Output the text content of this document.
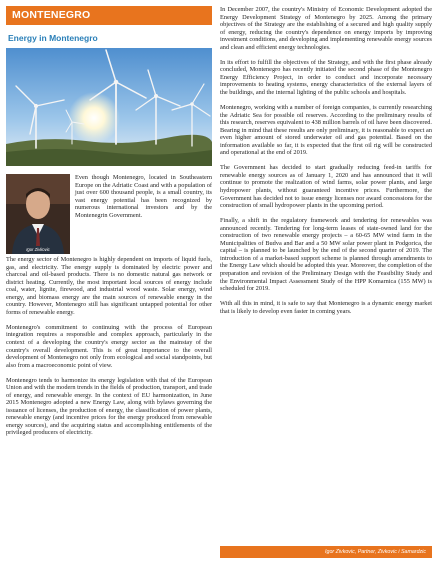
MONTENEGRO
Energy in Montenegro
Igor Zivkovic

Even though Montenegro, located in Southeastern Europe on the Adriatic Coast and with a population of just over 600 thousand people, is a small country, its vast energy potential has been recognized by numerous international investors and by the Montenegrin Government.

The energy sector of Montenegro is highly dependent on imports of liquid fuels, gas, and electricity. The energy supply is dominated by electric power and charcoal and oil-based products. There is no domestic natural gas network or district heating. Currently, the most important local sources of energy include coal, water, lignite, firewood, and industrial wood waste. Solar energy, wind energy, and biomass energy are the main sources of renewable energy in the country. However, Montenegro still has significant untapped potential for other forms of renewable energy.

Montenegro's commitment to continuing with the process of European integration requires a responsible and complex approach, particularly in the context of a developing the country's energy sector as the mainstay of the country's overall development. This is of great importance to the overall development of Montenegro not only from ecological and social standpoints, but also from a macroeconomic point of view.

Montenegro tends to harmonize its energy legislation with that of the European Union and with the modern trends in the fields of production, transport, and trade of energy, and renewable energy. In the context of EU harmonization, in June 2015 Montenegro adopted a new Energy Law, along with bylaws governing the issuance of licenses, the production of energy, the classification of power plants, renewable energy (and incentive prices for the energy produced from renewable energy sources), and the acquiring status and accomplishing entitlements of the privileged producers of electricity.

In December 2007, the country's Ministry of Economic Development adopted the Energy Development Strategy of Montenegro by 2025. Among the primary objectives of the Strategy are the establishing of a secured and high quality supply of energy, reducing the country's dependence on energy imports by improving investment conditions, and developing and implementing renewable energy sources and clean and efficient energy technologies.

In its effort to fulfill the objectives of the Strategy, and with the first phase already concluded, Montenegro has recently initiated the second phase of the Montenegro Energy Efficiency Project, in order to conduct and incorporate necessary improvements to heating systems, energy characteristics of the external layers of the buildings, and the internal lighting of the public schools and hospitals.

Montenegro, working with a number of foreign companies, is currently researching the Adriatic Sea for possible oil reserves. According to the preliminary results of this research, reserves equivalent to 438 million barrels of oil have been discovered. Bearing in mind that these results are only preliminary, it is reasonable to expect an even higher amount of stored underwater oil and gas potential. Based on the information available so far, it is expected that the first oil rig will be constructed and operational at the end of 2019.

The Government has decided to start gradually reducing feed-in tariffs for renewable energy sources as of January 1, 2020 and has announced that it will continue to promote the realization of wind farms, solar power plants, and large hydropower plants, without guaranteed incentive prices. Furthermore, the Government has decided not to issue energy licenses nor award concessions for the construction of small hydropower plants in the upcoming period.

Finally, a shift in the regulatory framework and tendering for renewables was announced recently. Tendering for long-term leases of state-owned land for the construction of two renewable energy projects – a 60-65 MW wind farm in the Municipalities of Budva and Bar and a 50 MW solar power plant in Podgorica, the capital – is planned to be launched by the end of the second quarter of 2019. The introduction of a market-based support scheme is planned through amendments to the Energy Law which should be adopted this year. Moreover, the completion of the preparation and revision of the Preliminary Design with the Feasibility Study and the Environmental Impact Assessment Study of the HPP Komarnica (155 MW) is scheduled for 2019.

With all this in mind, it is safe to say that Montenegro is a dynamic energy market that is likely to develop even faster in coming years.

Igor Zivkovic, Partner, Zivkovic i Samardzic
